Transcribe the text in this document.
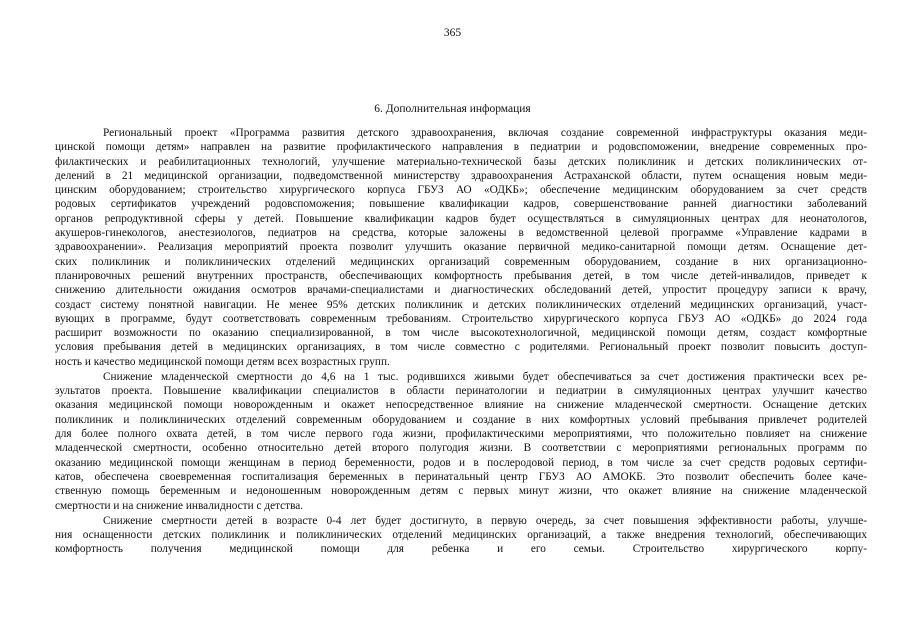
365
6. Дополнительная информация
Региональный проект «Программа развития детского здравоохранения, включая создание современной инфраструктуры оказания меди-
цинской помощи детям» направлен на развитие профилактического направления в педиатрии и родовспоможении, внедрение современных про-
филактических и реабилитационных технологий, улучшение материально-технической базы детских поликлиник и детских поликлинических от-
делений в 21 медицинской организации, подведомственной министерству здравоохранения Астраханской области, путем оснащения новым меди-
цинским оборудованием; строительство хирургического корпуса ГБУЗ АО «ОДКБ»; обеспечение медицинским оборудованием за счет средств
родовых сертификатов учреждений родовспоможения; повышение квалификации кадров, совершенствование ранней диагностики заболеваний
органов репродуктивной сферы у детей. Повышение квалификации кадров будет осуществляться в симуляционных центрах для неонатологов,
акушеров-гинекологов, анестезиологов, педиатров на средства, которые заложены в ведомственной целевой программе «Управление кадрами в
здравоохранении». Реализация мероприятий проекта позволит улучшить оказание первичной медико-санитарной помощи детям. Оснащение дет-
ских поликлиник и поликлинических отделений медицинских организаций современным оборудованием, создание в них организационно-
планировочных решений внутренних пространств, обеспечивающих комфортность пребывания детей, в том числе детей-инвалидов, приведет к
снижению длительности ожидания осмотров врачами-специалистами и диагностических обследований детей, упростит процедуру записи к врачу,
создаст систему понятной навигации. Не менее 95% детских поликлиник и детских поликлинических отделений медицинских организаций, участ-
вующих в программе, будут соответствовать современным требованиям. Строительство хирургического корпуса ГБУЗ АО «ОДКБ» до 2024 года
расширит возможности по оказанию специализированной, в том числе высокотехнологичной, медицинской помощи детям, создаст комфортные
условия пребывания детей в медицинских организациях, в том числе совместно с родителями. Региональный проект позволит повысить доступ-
ность и качество медицинской помощи детям всех возрастных групп.
Снижение младенческой смертности до 4,6 на 1 тыс. родившихся живыми будет обеспечиваться за счет достижения практически всех ре-
зультатов проекта. Повышение квалификации специалистов в области перинатологии и педиатрии в симуляционных центрах улучшит качество
оказания медицинской помощи новорожденным и окажет непосредственное влияние на снижение младенческой смертности. Оснащение детских
поликлиник и поликлинических отделений современным оборудованием и создание в них комфортных условий пребывания привлечет родителей
для более полного охвата детей, в том числе первого года жизни, профилактическими мероприятиями, что положительно повлияет на снижение
младенческой смертности, особенно относительно детей второго полугодия жизни. В соответствии с мероприятиями региональных программ по
оказанию медицинской помощи женщинам в период беременности, родов и в послеродовой период, в том числе за счет средств родовых сертифи-
катов, обеспечена своевременная госпитализация беременных в перинатальный центр ГБУЗ АО АМОКБ. Это позволит обеспечить более каче-
ственную помощь беременным и недоношенным новорожденным детям с первых минут жизни, что окажет влияние на снижение младенческой
смертности и на снижение инвалидности с детства.
Снижение смертности детей в возрасте 0-4 лет будет достигнуто, в первую очередь, за счет повышения эффективности работы, улучше-
ния оснащенности детских поликлиник и поликлинических отделений медицинских организаций, а также внедрения технологий, обеспечивающих
комфортность получения медицинской помощи для ребенка и его семьи. Строительство хирургического корпу-
